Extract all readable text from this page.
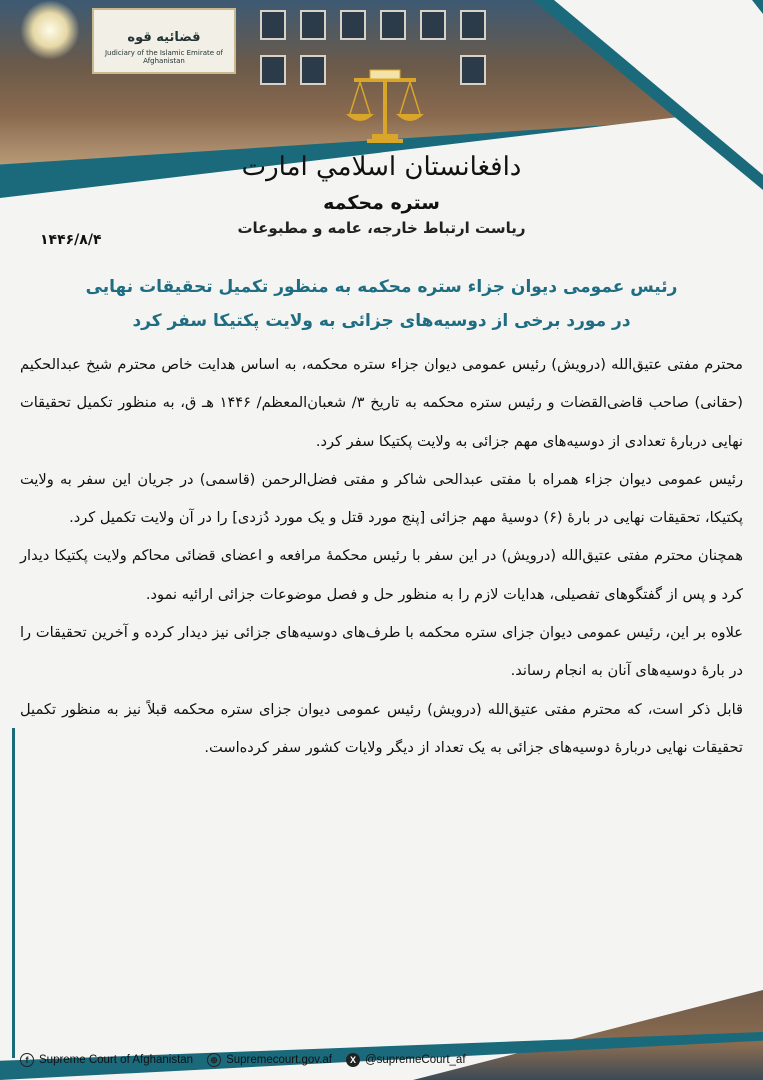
قضائیه قوه
Judiciary of the Islamic Emirate of Afghanistan
دافغانستان اسلامي امارت
ستره محکمه
ریاست ارتباط خارجه، عامه و مطبوعات
۱۴۴۶/۸/۴
رئیس عمومی دیوان جزاء ستره محکمه به منظور تکمیل تحقیقات نهایی
در مورد برخی از دوسیه‌های جزائی به ولایت پکتیکا سفر کرد

محترم مفتی عتیق‌الله (درویش) رئیس عمومی دیوان جزاء ستره محکمه، به اساس هدایت خاص محترم شیخ عبدالحکیم (حقانی) صاحب قاضی‌القضات و رئیس ستره محکمه به تاریخ ۳/ شعبان‌المعظم/ ۱۴۴۶ هـ ق، به منظور تکمیل تحقیقات نهایی دربارهٔ تعدادی از دوسیه‌های مهم جزائی به ولایت پکتیکا سفر کرد.

رئیس عمومی دیوان جزاء همراه با مفتی عبدالحی شاکر و مفتی فضل‌الرحمن (قاسمی) در جریان این سفر به ولایت پکتیکا، تحقیقات نهایی در بارهٔ (۶) دوسیهٔ مهم جزائی [پنج مورد قتل و یک مورد دُزدی] را در آن ولایت تکمیل کرد.

همچنان محترم مفتی عتیق‌الله (درویش) در این سفر با رئیس محکمهٔ مرافعه و اعضای قضائی محاکم ولایت پکتیکا دیدار کرد و پس از گفتگوهای تفصیلی، هدایات لازم را به منظور حل و فصل موضوعات جزائی ارائیه نمود.

علاوه بر این، رئیس عمومی دیوان جزای ستره محکمه با طرف‌های دوسیه‌های جزائی نیز دیدار کرده و آخرین تحقیقات را در بارهٔ دوسیه‌های آنان به انجام رساند.

قابل ذکر است، که محترم مفتی عتیق‌الله (درویش) رئیس عمومی دیوان جزای ستره محکمه قبلاً نیز به منظور تکمیل تحقیقات نهایی دربارهٔ دوسیه‌های جزائی به یک تعداد از دیگر ولایات کشور سفر کرده‌است.

f Supreme Court of Afghanistan	⊕ Supremecourt.gov.af	X @supremeCourt_af
